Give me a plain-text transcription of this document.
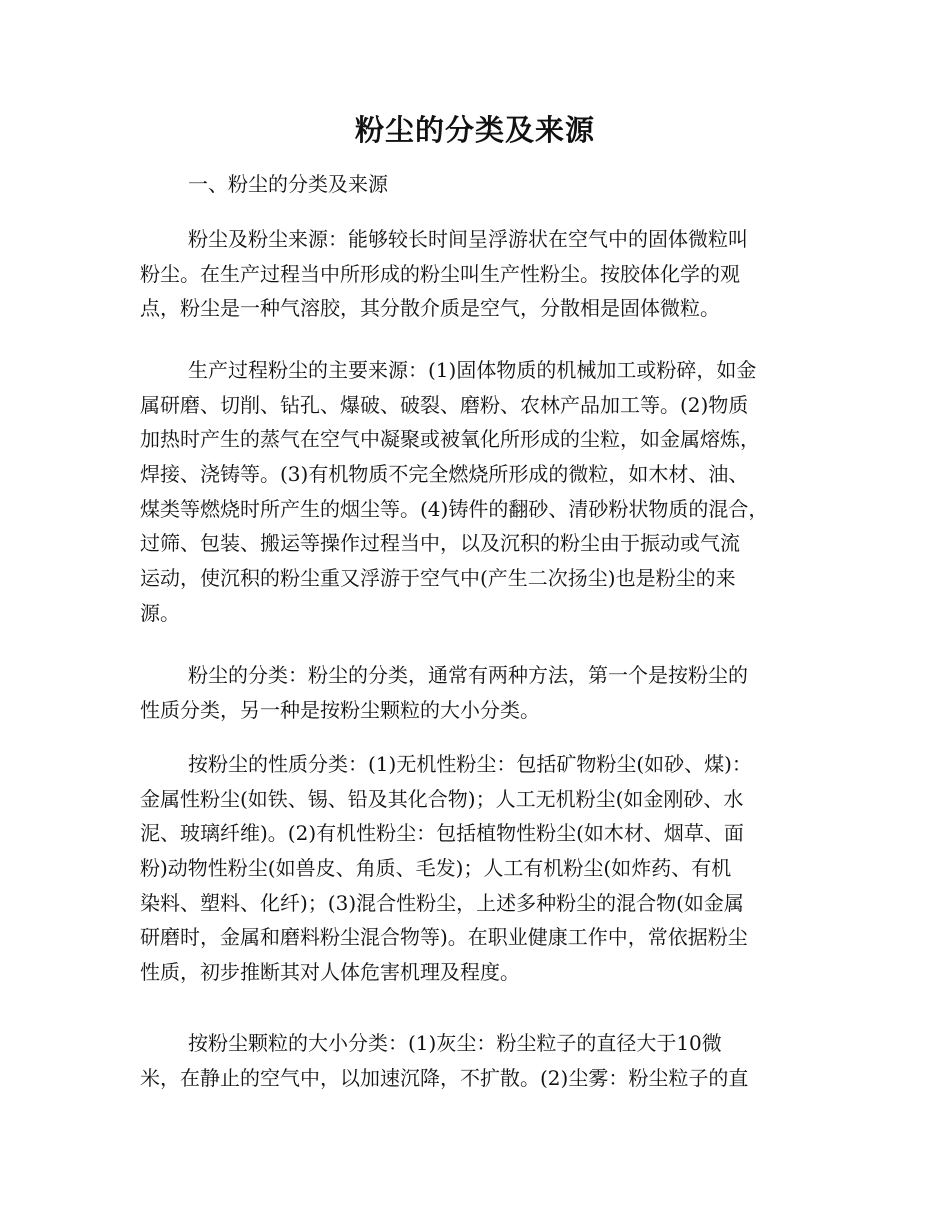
粉尘的分类及来源
一、粉尘的分类及来源
粉尘及粉尘来源：能够较长时间呈浮游状在空气中的固体微粒叫
粉尘。在生产过程当中所形成的粉尘叫生产性粉尘。按胶体化学的观
点，粉尘是一种气溶胶，其分散介质是空气，分散相是固体微粒。
生产过程粉尘的主要来源：(1)固体物质的机械加工或粉碎，如金
属研磨、切削、钻孔、爆破、破裂、磨粉、农林产品加工等。(2)物质
加热时产生的蒸气在空气中凝聚或被氧化所形成的尘粒，如金属熔炼，
焊接、浇铸等。(3)有机物质不完全燃烧所形成的微粒，如木材、油、
煤类等燃烧时所产生的烟尘等。(4)铸件的翻砂、清砂粉状物质的混合，
过筛、包装、搬运等操作过程当中，以及沉积的粉尘由于振动或气流
运动，使沉积的粉尘重又浮游于空气中(产生二次扬尘)也是粉尘的来
源。
粉尘的分类：粉尘的分类，通常有两种方法，第一个是按粉尘的
性质分类，另一种是按粉尘颗粒的大小分类。
按粉尘的性质分类：(1)无机性粉尘：包括矿物粉尘(如砂、煤)：
金属性粉尘(如铁、锡、铅及其化合物)；人工无机粉尘(如金刚砂、水
泥、玻璃纤维)。(2)有机性粉尘：包括植物性粉尘(如木材、烟草、面
粉)动物性粉尘(如兽皮、角质、毛发)；人工有机粉尘(如炸药、有机
染料、塑料、化纤)；(3)混合性粉尘，上述多种粉尘的混合物(如金属
研磨时，金属和磨料粉尘混合物等)。在职业健康工作中，常依据粉尘
性质，初步推断其对人体危害机理及程度。
按粉尘颗粒的大小分类：(1)灰尘：粉尘粒子的直径大于10微
米，在静止的空气中，以加速沉降，不扩散。(2)尘雾：粉尘粒子的直
